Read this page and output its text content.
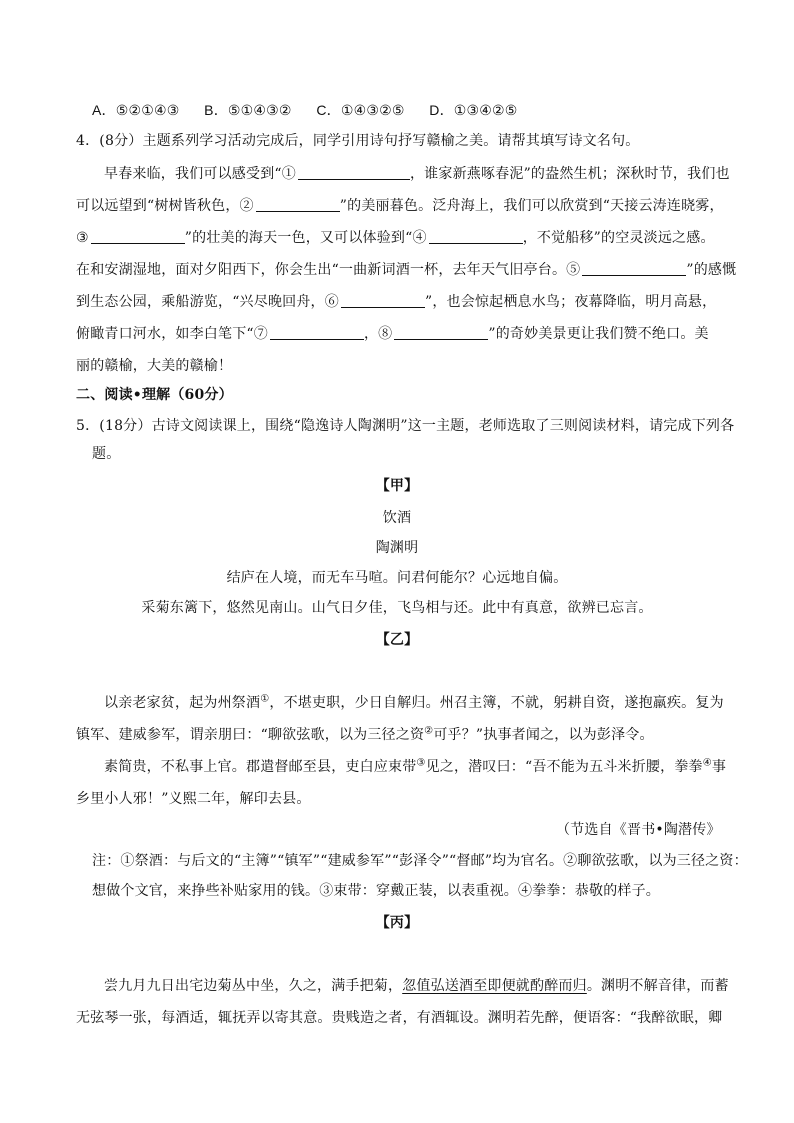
A．⑤②①④③ B．⑤①④③② C．①④③②⑤ D．①③④②⑤
4．(8分）主题系列学习活动完成后，同学引用诗句抒写赣榆之美。请帮其填写诗文名句。
早春来临，我们可以感受到“①	，谁家新燕啄春泥”的盎然生机；深秋时节，我们也
可以远望到“树树皆秋色，②	”的美丽暮色。泛舟海上，我们可以欣赏到“天接云涛连晓雾，
③	”的壮美的海天一色，又可以体验到“④	，不觉船移”的空灵淡远之感。
在和安湖湿地，面对夕阳西下，你会生出“一曲新词酒一杯，去年天气旧亭台。⑤	”的感慨
到生态公园，乘船游览，“兴尽晚回舟，⑥	”，也会惊起栖息水鸟；夜幕降临，明月高悬，
俯瞰青口河水，如李白笔下“⑦	，⑧	”的奇妙美景更让我们赞不绝口。美
丽的赣榆，大美的赣榆！
二、阅读•理解（60分）
5．(18分）古诗文阅读课上，围绕“隐逸诗人陶渊明”这一主题，老师选取了三则阅读材料，请完成下列各
题。
【甲】
饮酒
陶渊明
结庐在人境，而无车马喧。问君何能尔？心远地自偏。
采菊东篱下，悠然见南山。山气日夕佳，飞鸟相与还。此中有真意，欲辨已忘言。
【乙】
以亲老家贫，起为州祭酒①，不堪吏职，少日自解归。州召主簿，不就，躬耕自资，遂抱羸疾。复为
镇军、建威参军，谓亲朋曰：“聊欲弦歌，以为三径之资②可乎？”执事者闻之，以为彭泽令。
素简贵，不私事上官。郡遣督邮至县，吏白应束带③见之，潜叹曰：“吾不能为五斗米折腰，拳拳④事
乡里小人邪！”义熙二年，解印去县。
（节选自《晋书•陶潜传》
注：①祭酒：与后文的“主簿”“镇军”“建威参军”“彭泽令”“督邮”均为官名。②聊欲弦歌，以为三径之资：
想做个文官，来挣些补贴家用的钱。③束带：穿戴正装，以表重视。④拳拳：恭敬的样子。
【丙】
尝九月九日出宅边菊丛中坐，久之，满手把菊，忽值弘送酒至即便就酌醉而归。渊明不解音律，而蓄
无弦琴一张，每酒适，辄抚弄以寄其意。贵贱造之者，有酒辄设。渊明若先醉，便语客：“我醉欲眠，卿
